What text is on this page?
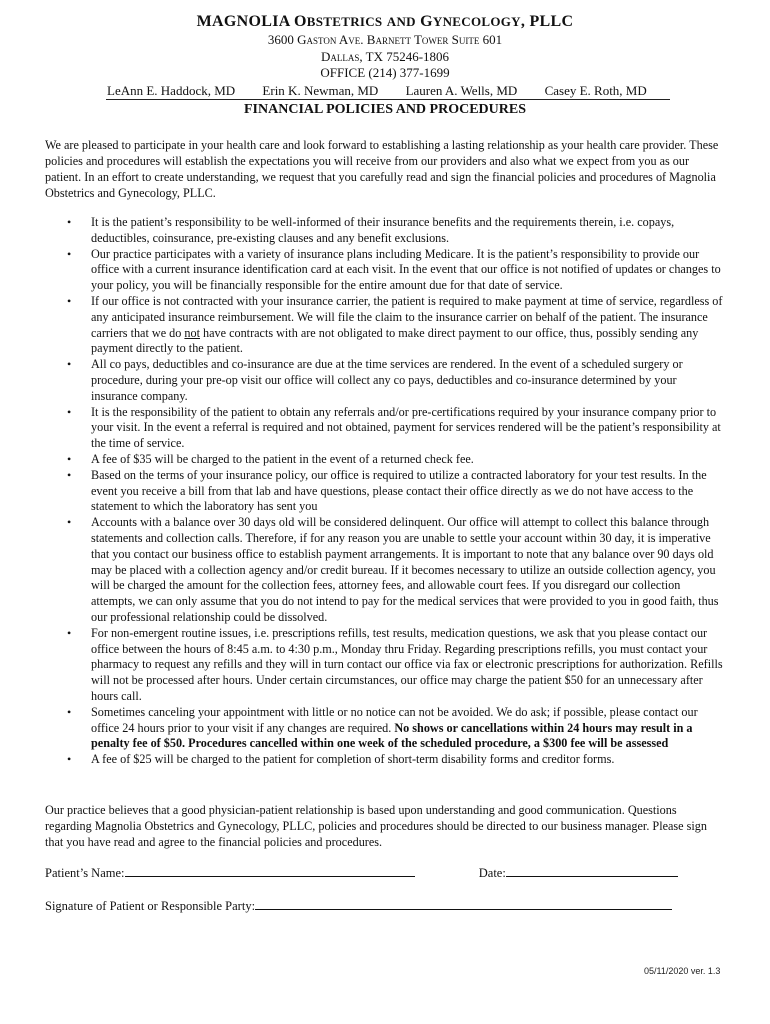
MAGNOLIA OBSTETRICS AND GYNECOLOGY, PLLC
3600 Gaston Ave. Barnett Tower Suite 601
Dallas, TX 75246-1806
OFFICE (214) 377-1699
LeAnn E. Haddock, MD Erin K. Newman, MD Lauren A. Wells, MD Casey E. Roth, MD
FINANCIAL POLICIES AND PROCEDURES

We are pleased to participate in your health care and look forward to establishing a lasting relationship as your health care provider. These policies and procedures will establish the expectations you will receive from our providers and also what we expect from you as our patient. In an effort to create understanding, we request that you carefully read and sign the financial policies and procedures of Magnolia Obstetrics and Gynecology, PLLC.

• It is the patient’s responsibility to be well-informed of their insurance benefits and the requirements therein, i.e. copays, deductibles, coinsurance, pre-existing clauses and any benefit exclusions.
• Our practice participates with a variety of insurance plans including Medicare. It is the patient’s responsibility to provide our office with a current insurance identification card at each visit. In the event that our office is not notified of updates or changes to your policy, you will be financially responsible for the entire amount due for that date of service.
• If our office is not contracted with your insurance carrier, the patient is required to make payment at time of service, regardless of any anticipated insurance reimbursement. We will file the claim to the insurance carrier on behalf of the patient. The insurance carriers that we do not have contracts with are not obligated to make direct payment to our office, thus, possibly sending any payment directly to the patient.
• All co pays, deductibles and co-insurance are due at the time services are rendered. In the event of a scheduled surgery or procedure, during your pre-op visit our office will collect any co pays, deductibles and co-insurance determined by your insurance company.
• It is the responsibility of the patient to obtain any referrals and/or pre-certifications required by your insurance company prior to your visit. In the event a referral is required and not obtained, payment for services rendered will be the patient’s responsibility at the time of service.
• A fee of $35 will be charged to the patient in the event of a returned check fee.
• Based on the terms of your insurance policy, our office is required to utilize a contracted laboratory for your test results. In the event you receive a bill from that lab and have questions, please contact their office directly as we do not have access to the statement to which the laboratory has sent you
• Accounts with a balance over 30 days old will be considered delinquent. Our office will attempt to collect this balance through statements and collection calls. Therefore, if for any reason you are unable to settle your account within 30 day, it is imperative that you contact our business office to establish payment arrangements. It is important to note that any balance over 90 days old may be placed with a collection agency and/or credit bureau. If it becomes necessary to utilize an outside collection agency, you will be charged the amount for the collection fees, attorney fees, and allowable court fees. If you disregard our collection attempts, we can only assume that you do not intend to pay for the medical services that were provided to you in good faith, thus our professional relationship could be dissolved.
• For non-emergent routine issues, i.e. prescriptions refills, test results, medication questions, we ask that you please contact our office between the hours of 8:45 a.m. to 4:30 p.m., Monday thru Friday. Regarding prescriptions refills, you must contact your pharmacy to request any refills and they will in turn contact our office via fax or electronic prescriptions for authorization. Refills will not be processed after hours. Under certain circumstances, our office may charge the patient $50 for an unnecessary after hours call.
• Sometimes canceling your appointment with little or no notice can not be avoided. We do ask; if possible, please contact our office 24 hours prior to your visit if any changes are required. No shows or cancellations within 24 hours may result in a penalty fee of $50. Procedures cancelled within one week of the scheduled procedure, a $300 fee will be assessed
• A fee of $25 will be charged to the patient for completion of short-term disability forms and creditor forms.

Our practice believes that a good physician-patient relationship is based upon understanding and good communication. Questions regarding Magnolia Obstetrics and Gynecology, PLLC, policies and procedures should be directed to our business manager. Please sign that you have read and agree to the financial policies and procedures.

Patient’s Name:	Date:
Signature of Patient or Responsible Party:
05/11/2020 ver. 1.3
